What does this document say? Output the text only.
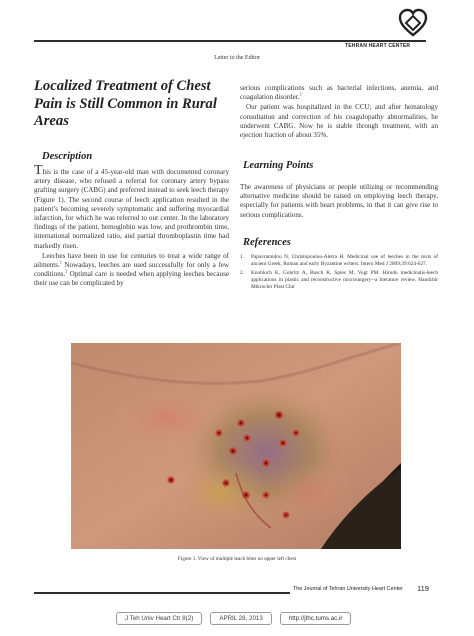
TEHRAN HEART CENTER
Letter to the Editor
Localized Treatment of Chest Pain is Still Common in Rural Areas
Description

This is the case of a 45-year-old man with documented coronary artery disease, who refused a referral for coronary artery bypass grafting surgery (CABG) and preferred instead to seek leech therapy (Figure 1). The second course of leech application resulted in the patient’s becoming severely symptomatic and suffering myocardial infarction, for which he was referred to our center. In the laboratory findings of the patient, hemoglobin was low, and prothrombin time, international normalized ratio, and partial thromboplastin time had markedly risen.

Leeches have been in use for centuries to treat a wide range of ailments.$^1$ Nowadays, leeches are used successfully for only a few conditions.$^2$ Optimal care is needed when applying leeches because their use can be complicated by

serious complications such as bacterial infections, anemia, and coagulation disorder.$^3$

Our patient was hospitalized in the CCU; and after hematology consultation and correction of his coagulopathy abnormalities, he underwent CABG. Now he is stable through treatment, with an ejection fraction of about 35%.

Learning Points

The awareness of physicians or people utilizing or recommending alternative medicine should be raised on employing leech therapy, especially for patients with heart problems, in that it can give rise to serious complications.

References
1.	Papavramidou N, Christopoulou-Aletra H. Medicinal use of leeches in the texts of ancient Greek, Roman and early Byzantine writers. Intern Med J 2009;39:624-627.
2.	Knobloch K, Gohritz A, Busch K, Spies M, Vogt PM. Hirudo medicinalis-leech applications in plastic and reconstructive microsurgery--a literature review. Handchir Mikrochir Plast Chir
Figure 1. View of multiple leach bites on upper left chest
The Journal of Tehran University Heart Center 119
J Teh Univ Heart Ctr 8(2)	APRIL 28, 2013	http://jthc.tums.ac.ir
